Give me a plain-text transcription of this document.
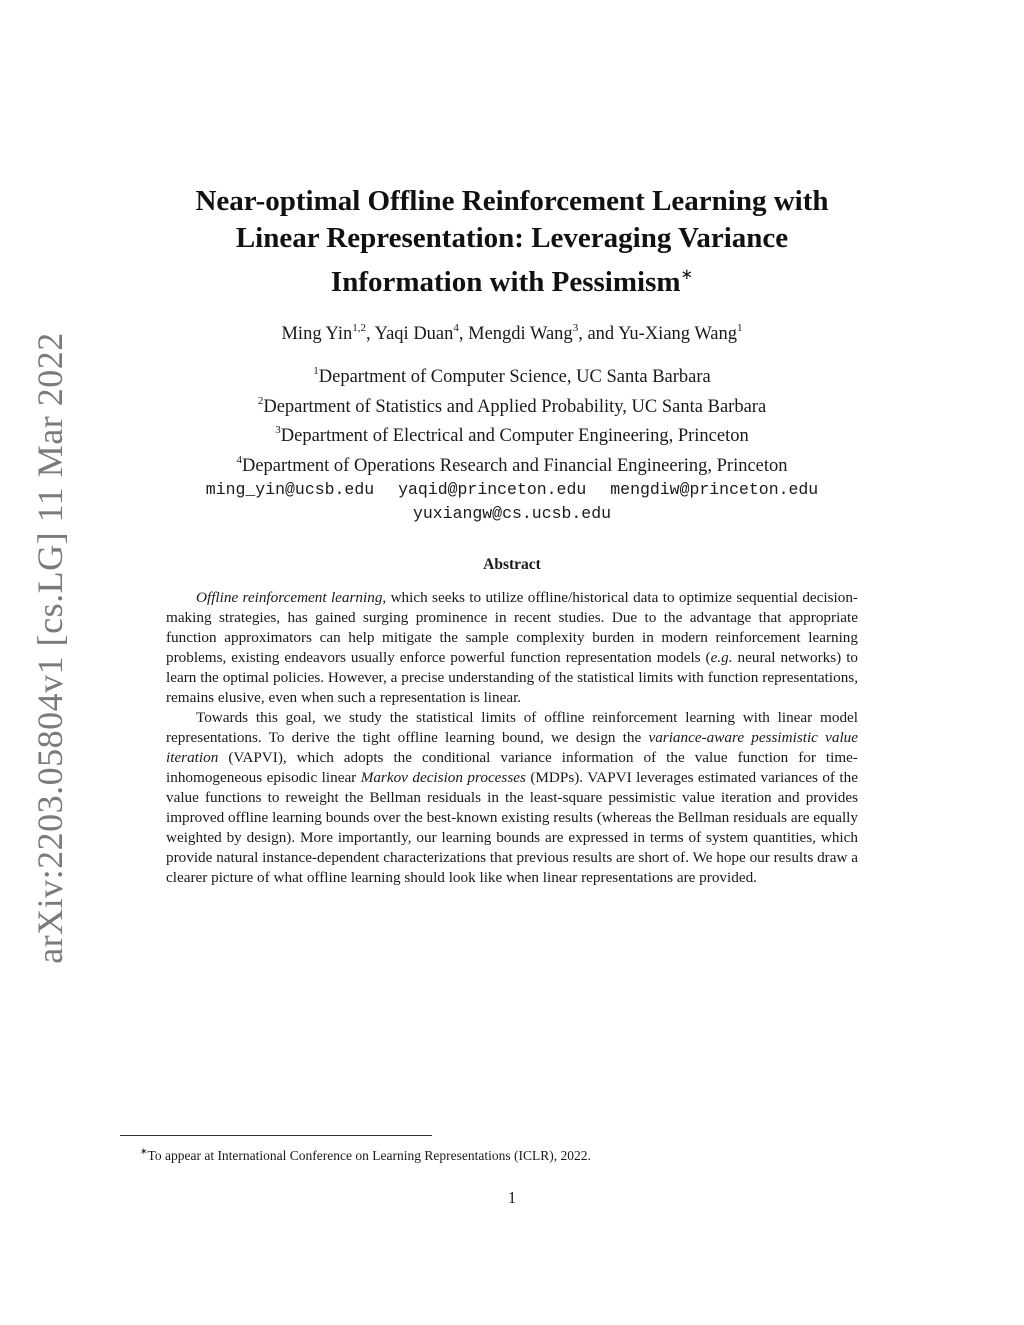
arXiv:2203.05804v1 [cs.LG] 11 Mar 2022
Near-optimal Offline Reinforcement Learning with
Linear Representation: Leveraging Variance
Information with Pessimism∗
Ming Yin$^{1,2}$, Yaqi Duan$^4$, Mengdi Wang$^3$, and Yu-Xiang Wang$^1$
$^1$Department of Computer Science, UC Santa Barbara
$^2$Department of Statistics and Applied Probability, UC Santa Barbara
$^3$Department of Electrical and Computer Engineering, Princeton
$^4$Department of Operations Research and Financial Engineering, Princeton
ming_yin@ucsb.edu yaqid@princeton.edu mengdiw@princeton.edu
yuxiangw@cs.ucsb.edu
Abstract

Offline reinforcement learning, which seeks to utilize offline/historical data to optimize sequential decision-making strategies, has gained surging prominence in recent studies. Due to the advantage that appropriate function approximators can help mitigate the sample complexity burden in modern reinforcement learning problems, existing endeavors usually enforce powerful function representation models (e.g. neural networks) to learn the optimal policies. However, a precise understanding of the statistical limits with function representations, remains elusive, even when such a representation is linear.

Towards this goal, we study the statistical limits of offline reinforcement learning with linear model representations. To derive the tight offline learning bound, we design the variance-aware pessimistic value iteration (VAPVI), which adopts the conditional variance information of the value function for time-inhomogeneous episodic linear Markov decision processes (MDPs). VAPVI leverages estimated variances of the value functions to reweight the Bellman residuals in the least-square pessimistic value iteration and provides improved offline learning bounds over the best-known existing results (whereas the Bellman residuals are equally weighted by design). More importantly, our learning bounds are expressed in terms of system quantities, which provide natural instance-dependent characterizations that previous results are short of. We hope our results draw a clearer picture of what offline learning should look like when linear representations are provided.

∗To appear at International Conference on Learning Representations (ICLR), 2022.
1
